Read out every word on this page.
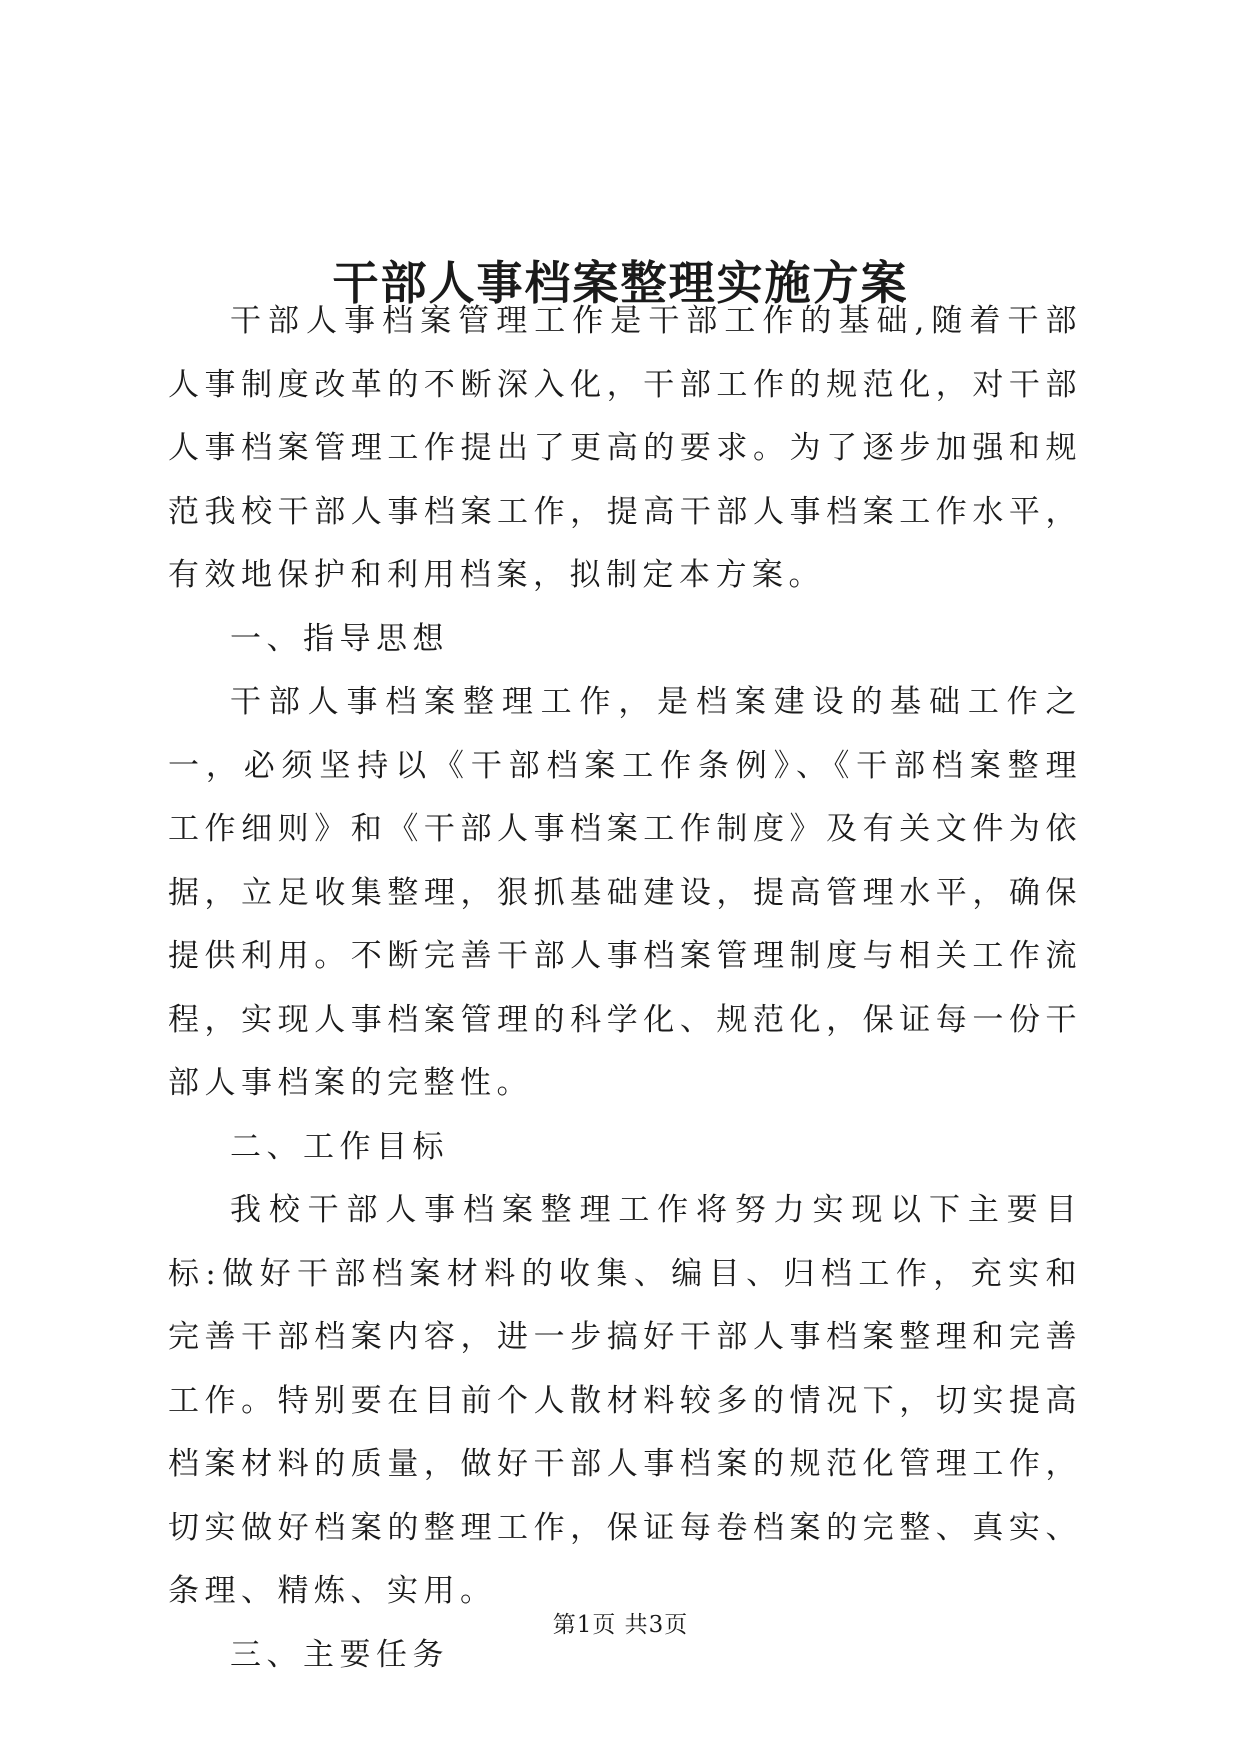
干部人事档案整理实施方案

干部人事档案管理工作是干部工作的基础,随着干部人事制度改革的不断深入化，干部工作的规范化，对干部人事档案管理工作提出了更高的要求。为了逐步加强和规范我校干部人事档案工作，提高干部人事档案工作水平，有效地保护和利用档案，拟制定本方案。

一、指导思想

干部人事档案整理工作，是档案建设的基础工作之一，必须坚持以《干部档案工作条例》、《干部档案整理工作细则》和《干部人事档案工作制度》及有关文件为依据，立足收集整理，狠抓基础建设，提高管理水平，确保提供利用。不断完善干部人事档案管理制度与相关工作流程，实现人事档案管理的科学化、规范化，保证每一份干部人事档案的完整性。

二、工作目标

我校干部人事档案整理工作将努力实现以下主要目标:做好干部档案材料的收集、编目、归档工作，充实和完善干部档案内容，进一步搞好干部人事档案整理和完善工作。特别要在目前个人散材料较多的情况下，切实提高档案材料的质量，做好干部人事档案的规范化管理工作，切实做好档案的整理工作，保证每卷档案的完整、真实、条理、精炼、实用。

三、主要任务

第1页 共3页
